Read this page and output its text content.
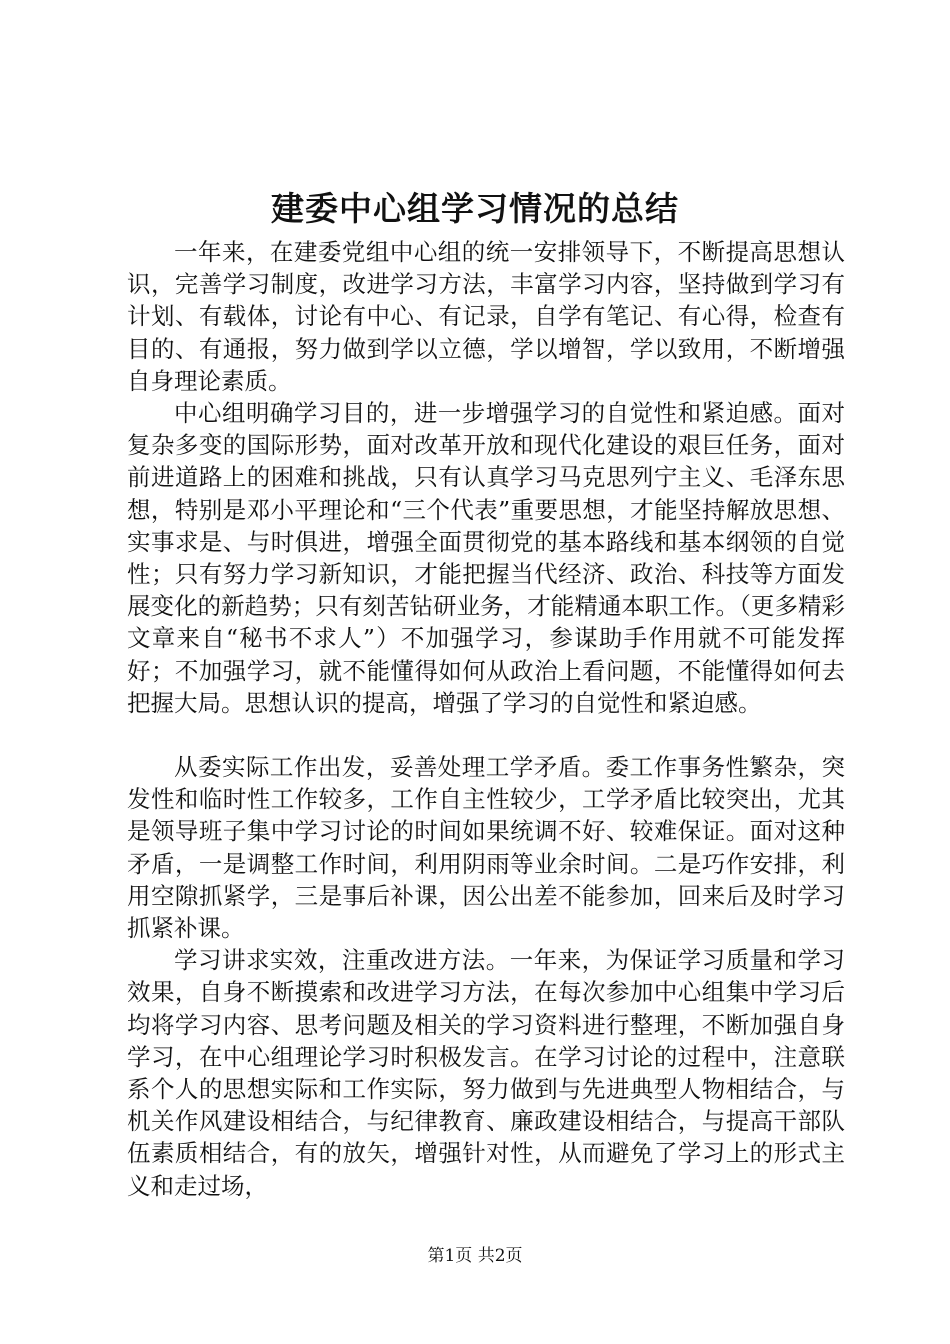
建委中心组学习情况的总结

一年来，在建委党组中心组的统一安排领导下，不断提高思想认识，完善学习制度，改进学习方法，丰富学习内容，坚持做到学习有计划、有载体，讨论有中心、有记录，自学有笔记、有心得，检查有目的、有通报，努力做到学以立德，学以增智，学以致用，不断增强自身理论素质。

中心组明确学习目的，进一步增强学习的自觉性和紧迫感。面对复杂多变的国际形势，面对改革开放和现代化建设的艰巨任务，面对前进道路上的困难和挑战，只有认真学习马克思列宁主义、毛泽东思想，特别是邓小平理论和“三个代表”重要思想，才能坚持解放思想、实事求是、与时俱进，增强全面贯彻党的基本路线和基本纲领的自觉性；只有努力学习新知识，才能把握当代经济、政治、科技等方面发展变化的新趋势；只有刻苦钻研业务，才能精通本职工作。（更多精彩文章来自“秘书不求人”）不加强学习，参谋助手作用就不可能发挥好；不加强学习，就不能懂得如何从政治上看问题，不能懂得如何去把握大局。思想认识的提高，增强了学习的自觉性和紧迫感。

从委实际工作出发，妥善处理工学矛盾。委工作事务性繁杂，突发性和临时性工作较多，工作自主性较少，工学矛盾比较突出，尤其是领导班子集中学习讨论的时间如果统调不好、较难保证。面对这种矛盾，一是调整工作时间，利用阴雨等业余时间。二是巧作安排，利用空隙抓紧学，三是事后补课，因公出差不能参加，回来后及时学习抓紧补课。

学习讲求实效，注重改进方法。一年来，为保证学习质量和学习效果，自身不断摸索和改进学习方法，在每次参加中心组集中学习后均将学习内容、思考问题及相关的学习资料进行整理，不断加强自身学习，在中心组理论学习时积极发言。在学习讨论的过程中，注意联系个人的思想实际和工作实际，努力做到与先进典型人物相结合，与机关作风建设相结合，与纪律教育、廉政建设相结合，与提高干部队伍素质相结合，有的放矢，增强针对性，从而避免了学习上的形式主义和走过场，

第1页 共2页
